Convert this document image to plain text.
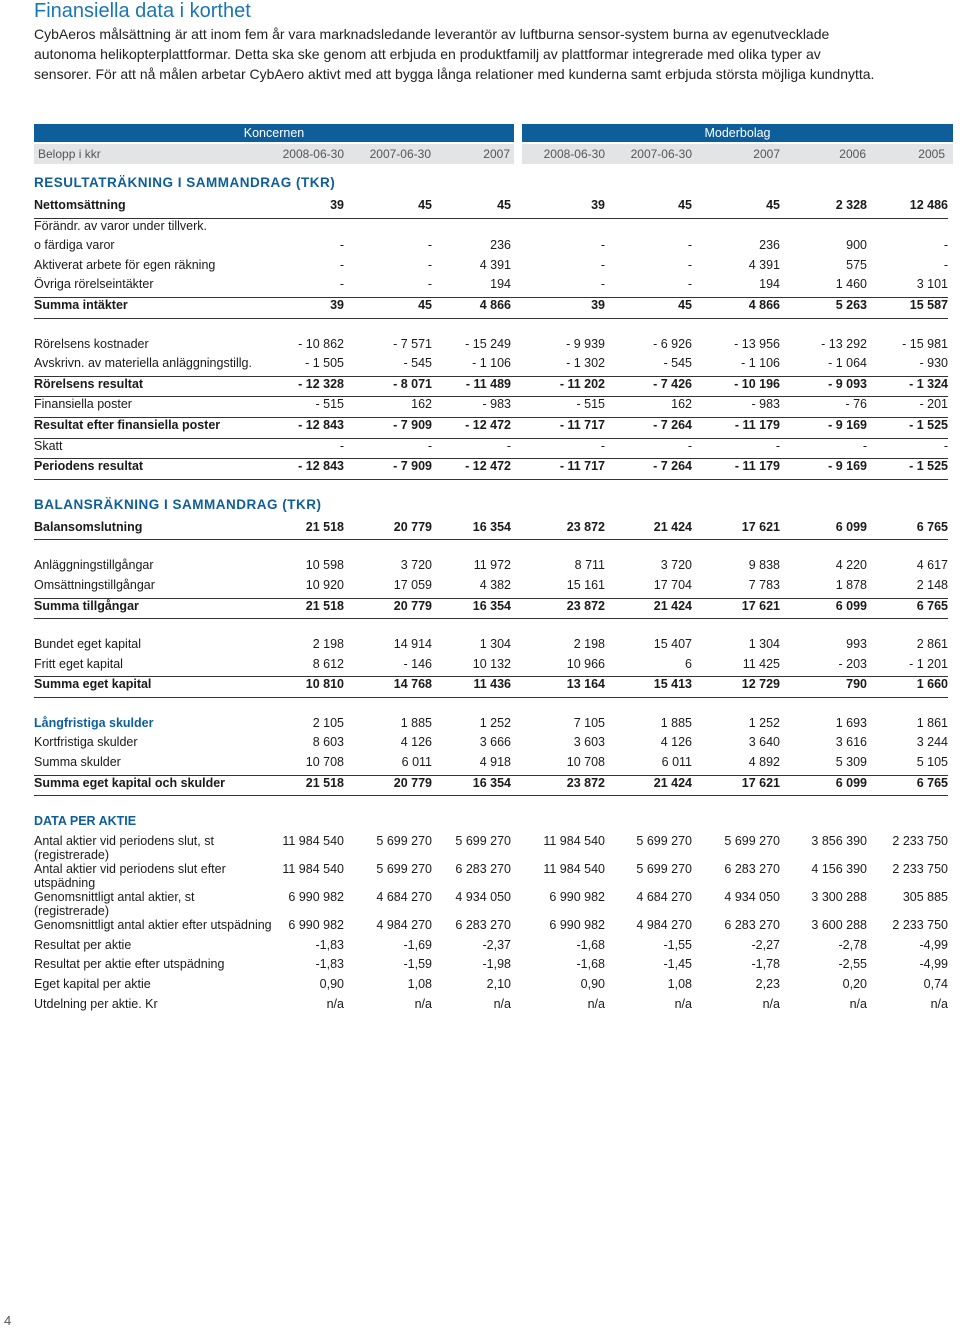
Finansiella data i korthet

CybAeros målsättning är att inom fem år vara marknadsledande leverantör av luftburna sensor-system burna av egenutvecklade

autonoma helikopterplattformar. Detta ska ske genom att erbjuda en produktfamilj av plattformar integrerade med olika typer av

sensorer. För att nå målen arbetar CybAero aktivt med att bygga långa relationer med kunderna samt erbjuda största möjliga kundnytta.

Koncernen	Moderbolag
Belopp i kkr	2008-06-30 2007-06-30	2007	2008-06-30 2007-06-30	2007	2006	2005
RESULTATRÄKNING I SAMMANDRAG (TKR)								
Nettomsättning	39	45	45	39	45	45	2 328	12 486
Förändr. av varor under tillverk.								
o färdiga varor	-	-	236	-	-	236	900	-
Aktiverat arbete för egen räkning	-	-	4 391	-	-	4 391	575	-
Övriga rörelseintäkter	-	-	194	-	-	194	1 460	3 101
Summa intäkter	39	45	4 866	39	45	4 866	5 263	15 587

Rörelsens kostnader	- 10 862	- 7 571	- 15 249	- 9 939	- 6 926	- 13 956	- 13 292	- 15 981
Avskrivn. av materiella anläggningstillg.	- 1 505	- 545	- 1 106	- 1 302	- 545	- 1 106	- 1 064	- 930
Rörelsens resultat	- 12 328	- 8 071	- 11 489	- 11 202	- 7 426	- 10 196	- 9 093	- 1 324
Finansiella poster	- 515	162	- 983	- 515	162	- 983	- 76	- 201
Resultat efter finansiella poster	- 12 843	- 7 909	- 12 472	- 11 717	- 7 264	- 11 179	- 9 169	- 1 525
Skatt	-	-	-	-	-	-	-	-
Periodens resultat	- 12 843	- 7 909	- 12 472	- 11 717	- 7 264	- 11 179	- 9 169	- 1 525

BALANSRÄKNING I SAMMANDRAG (TKR)								
Balansomslutning	21 518	20 779	16 354	23 872	21 424	17 621	6 099	6 765

Anläggningstillgångar	10 598	3 720	11 972	8 711	3 720	9 838	4 220	4 617
Omsättningstillgångar	10 920	17 059	4 382	15 161	17 704	7 783	1 878	2 148
Summa tillgångar	21 518	20 779	16 354	23 872	21 424	17 621	6 099	6 765

Bundet eget kapital	2 198	14 914	1 304	2 198	15 407	1 304	993	2 861
Fritt eget kapital	8 612	- 146	10 132	10 966	6	11 425	- 203	- 1 201
Summa eget kapital	10 810	14 768	11 436	13 164	15 413	12 729	790	1 660

Långfristiga skulder	2 105	1 885	1 252	7 105	1 885	1 252	1 693	1 861
Kortfristiga skulder	8 603	4 126	3 666	3 603	4 126	3 640	3 616	3 244
Summa skulder	10 708	6 011	4 918	10 708	6 011	4 892	5 309	5 105
Summa eget kapital och skulder	21 518	20 779	16 354	23 872	21 424	17 621	6 099	6 765

DATA PER AKTIE								
Antal aktier vid periodens slut, st (registrerade)	11 984 540	5 699 270	5 699 270	11 984 540	5 699 270	5 699 270	3 856 390	2 233 750
Antal aktier vid periodens slut efter utspädning	11 984 540	5 699 270	6 283 270	11 984 540	5 699 270	6 283 270	4 156 390	2 233 750
Genomsnittligt antal aktier, st (registrerade)	6 990 982	4 684 270	4 934 050	6 990 982	4 684 270	4 934 050	3 300 288	305 885
Genomsnittligt antal aktier efter utspädning	6 990 982	4 984 270	6 283 270	6 990 982	4 984 270	6 283 270	3 600 288	2 233 750
Resultat per aktie	-1,83	-1,69	-2,37	-1,68	-1,55	-2,27	-2,78	-4,99
Resultat per aktie efter utspädning	-1,83	-1,59	-1,98	-1,68	-1,45	-1,78	-2,55	-4,99
Eget kapital per aktie	0,90	1,08	2,10	0,90	1,08	2,23	0,20	0,74
Utdelning per aktie. Kr	n/a	n/a	n/a	n/a	n/a	n/a	n/a	n/a
4
